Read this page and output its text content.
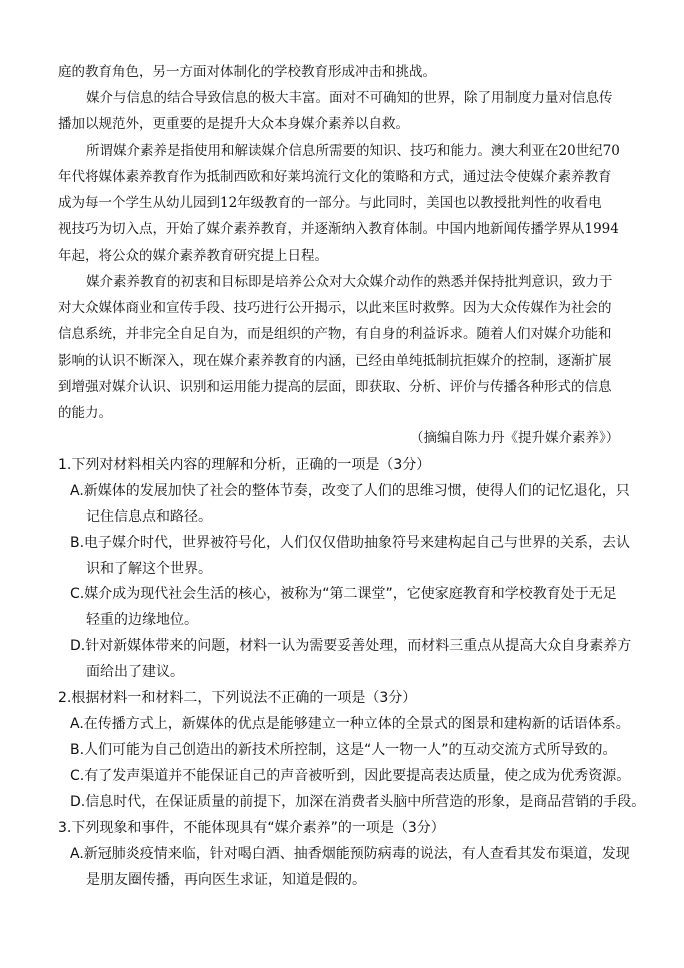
庭的教育角色，另一方面对体制化的学校教育形成冲击和挑战。
媒介与信息的结合导致信息的极大丰富。面对不可确知的世界，除了用制度力量对信息传
播加以规范外，更重要的是提升大众本身媒介素养以自救。
所谓媒介素养是指使用和解读媒介信息所需要的知识、技巧和能力。澳大利亚在20世纪70
年代将媒体素养教育作为抵制西欧和好莱坞流行文化的策略和方式，通过法令使媒介素养教育
成为每一个学生从幼儿园到12年级教育的一部分。与此同时，美国也以教授批判性的收看电
视技巧为切入点，开始了媒介素养教育，并逐渐纳入教育体制。中国内地新闻传播学界从1994
年起，将公众的媒介素养教育研究提上日程。
媒介素养教育的初衷和目标即是培养公众对大众媒介动作的熟悉并保持批判意识，致力于
对大众媒体商业和宣传手段、技巧进行公开揭示，以此来匡时救弊。因为大众传媒作为社会的
信息系统，并非完全自足自为，而是组织的产物，有自身的利益诉求。随着人们对媒介功能和
影响的认识不断深入，现在媒介素养教育的内涵，已经由单纯抵制抗拒媒介的控制，逐渐扩展
到增强对媒介认识、识别和运用能力提高的层面，即获取、分析、评价与传播各种形式的信息
的能力。
（摘编自陈力丹《提升媒介素养》）
1.下列对材料相关内容的理解和分析，正确的一项是（3分）
A.新媒体的发展加快了社会的整体节奏，改变了人们的思维习惯，使得人们的记忆退化，只
记住信息点和路径。
B.电子媒介时代，世界被符号化，人们仅仅借助抽象符号来建构起自己与世界的关系，去认
识和了解这个世界。
C.媒介成为现代社会生活的核心，被称为“第二课堂”，它使家庭教育和学校教育处于无足
轻重的边缘地位。
D.针对新媒体带来的问题，材料一认为需要妥善处理，而材料三重点从提高大众自身素养方
面给出了建议。
2.根据材料一和材料二，下列说法不正确的一项是（3分）
A.在传播方式上，新媒体的优点是能够建立一种立体的全景式的图景和建构新的话语体系。
B.人们可能为自己创造出的新技术所控制，这是“人一物一人”的互动交流方式所导致的。
C.有了发声渠道并不能保证自己的声音被听到，因此要提高表达质量，使之成为优秀资源。
D.信息时代，在保证质量的前提下，加深在消费者头脑中所营造的形象，是商品营销的手段。
3.下列现象和事件，不能体现具有“媒介素养”的一项是（3分）
A.新冠肺炎疫情来临，针对喝白酒、抽香烟能预防病毒的说法，有人查看其发布渠道，发现
是朋友圈传播，再向医生求证，知道是假的。
